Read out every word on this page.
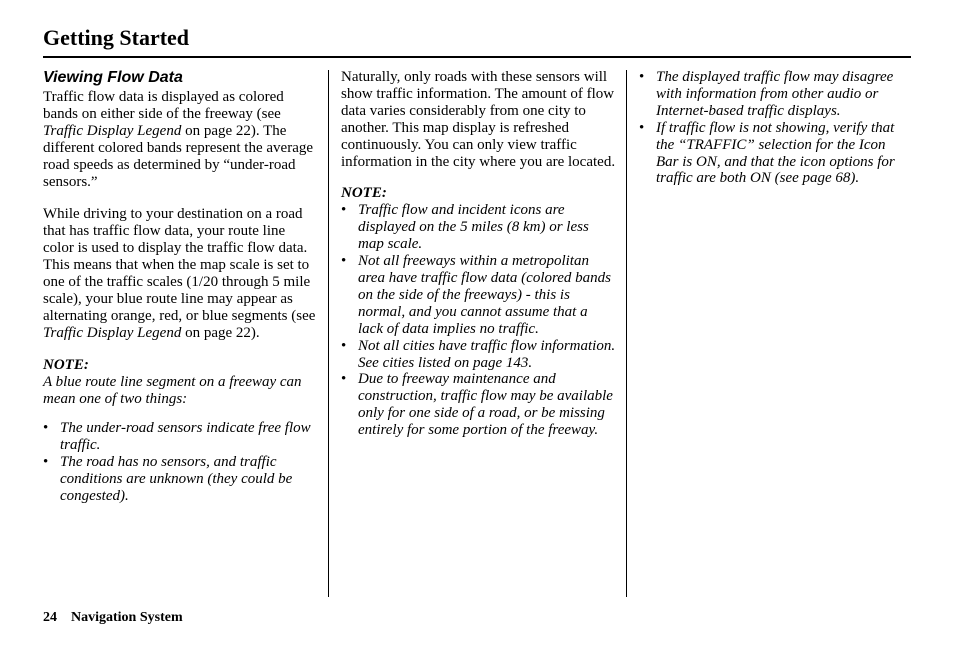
Getting Started
Viewing Flow Data

Traffic flow data is displayed as colored bands on either side of the freeway (see Traffic Display Legend on page 22). The different colored bands represent the average road speeds as determined by “under-road sensors.”

While driving to your destination on a road that has traffic flow data, your route line color is used to display the traffic flow data. This means that when the map scale is set to one of the traffic scales (1/20 through 5 mile scale), your blue route line may appear as alternating orange, red, or blue segments (see Traffic Display Legend on page 22).

NOTE:

A blue route line segment on a freeway can mean one of two things:

• The under-road sensors indicate free flow traffic.
• The road has no sensors, and traffic conditions are unknown (they could be congested).

Naturally, only roads with these sensors will show traffic information. The amount of flow data varies considerably from one city to another. This map display is refreshed continuously. You can only view traffic information in the city where you are located.

NOTE:

• Traffic flow and incident icons are displayed on the 5 miles (8 km) or less map scale.
• Not all freeways within a metropolitan area have traffic flow data (colored bands on the side of the freeways) - this is normal, and you cannot assume that a lack of data implies no traffic.
• Not all cities have traffic flow information. See cities listed on page 143.
• Due to freeway maintenance and construction, traffic flow may be available only for one side of a road, or be missing entirely for some portion of the freeway.
• The displayed traffic flow may disagree with information from other audio or Internet-based traffic displays.
• If traffic flow is not showing, verify that the “TRAFFIC” selection for the Icon Bar is ON, and that the icon options for traffic are both ON (see page 68).
24 Navigation System
